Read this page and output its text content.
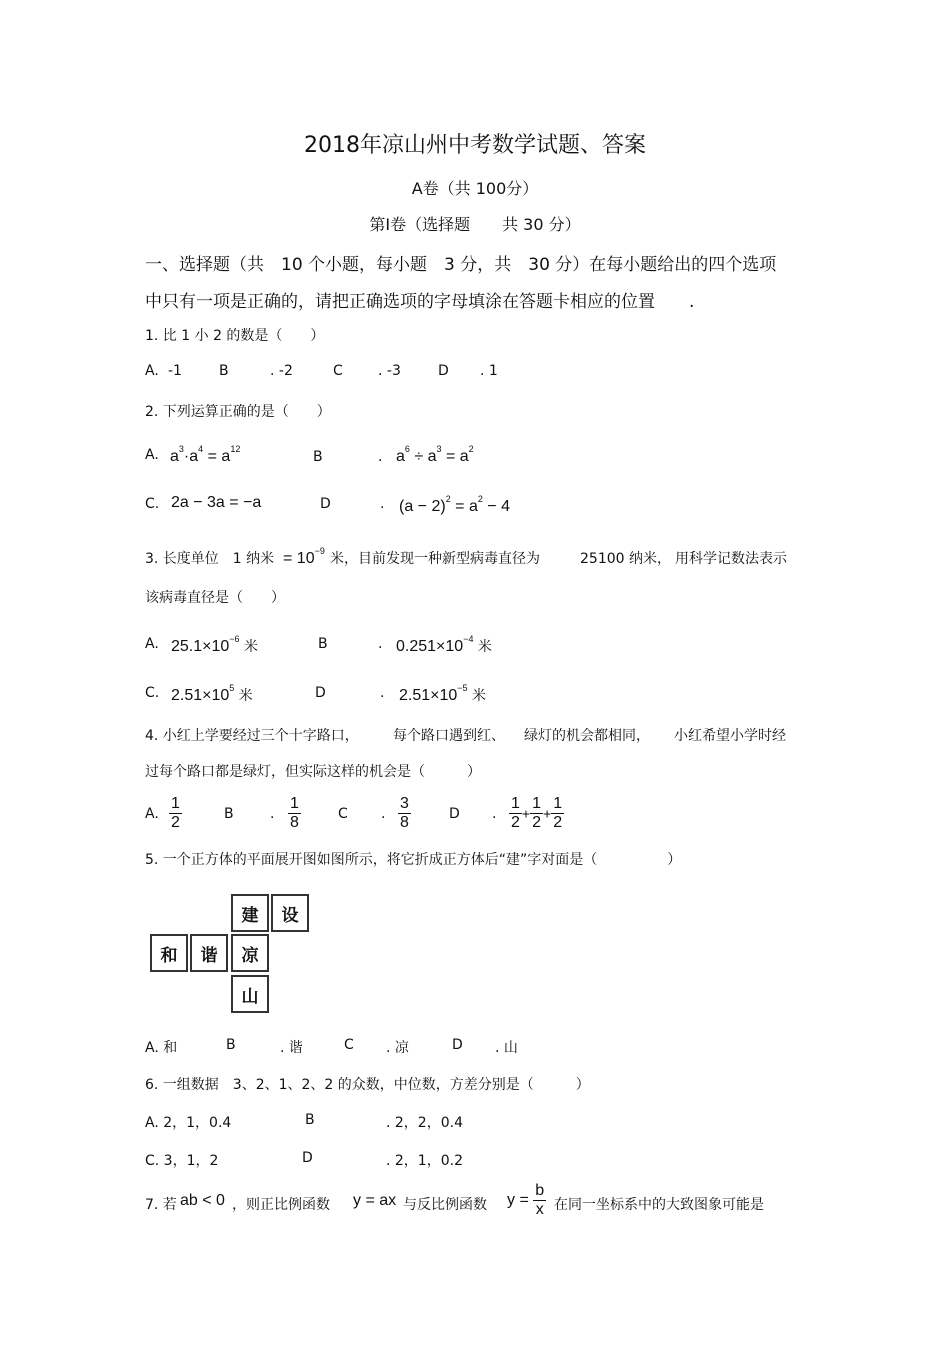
2018年凉山州中考数学试题、答案
A卷（共 100分）
第Ⅰ卷（选择题　　共 30 分）
一、选择题（共　10 个小题，每小题　3 分，共　30 分）在每小题给出的四个选项
中只有一项是正确的，请把正确选项的字母填涂在答题卡相应的位置　　.
1. 比 1 小 2 的数是（　　）
A. -1	B	. -2	C	. -3	D . 1
2. 下列运算正确的是（　　）
A. $a^3\cdot a^4 = a^{12}$	B	. $a^6 \div a^3 = a^2$
C. 2a − 3a = −a	D	. $(a - 2)^2 = a^2 - 4$
3. 长度单位　1 纳米 = $10^{-9}$ 米，目前发现一种新型病毒直径为	25100 纳米， 用科学记数法表示
该病毒直径是（　　）
A. $25.1\times 10^{-6}$ 米	B	. $0.251\times 10^{-4}$ 米
C. $2.51\times 10^5$ 米	D	. $2.51\times 10^{-5}$ 米
4. 小红上学要经过三个十字路口， 每个路口遇到红、 绿灯的机会都相同， 小红希望小学时经
过每个路口都是绿灯，但实际这样的机会是（　　　）
A. $\frac{1}{2}$	B	. $\frac{1}{8}$	C . $\frac{3}{8}$	D . $\frac{1}{2} + \frac{1}{2} + \frac{1}{2}$
5. 一个正方体的平面展开图如图所示，将它折成正方体后“建”字对面是（　　　　　）
建	设
和	谐	凉
山
A. 和	B	. 谐	C . 凉	D . 山
6. 一组数据　3、2、1、2、2 的众数，中位数，方差分别是（　　　）
A. 2，1，0.4	B	. 2，2，0.4
C. 3，1，2	D	. 2，1，0.2
7. 若 ab < 0 ，则正比例函数 y = ax 与反比例函数 $y = \frac{b}{x}$ 在同一坐标系中的大致图象可能是
